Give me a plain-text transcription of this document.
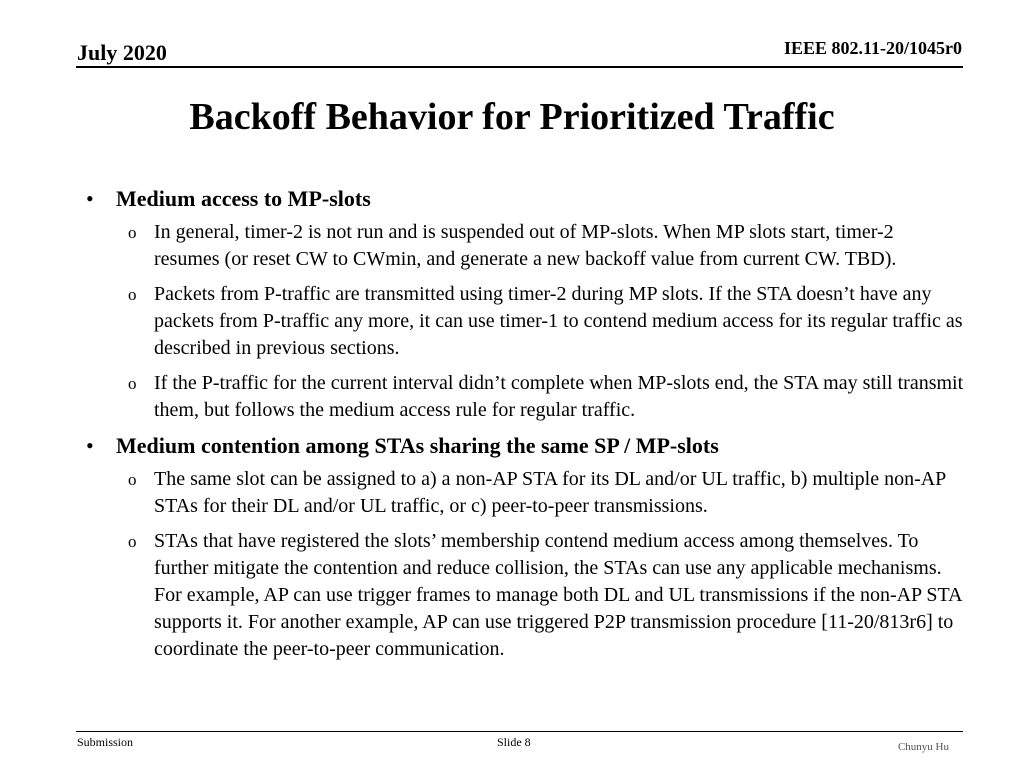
July 2020	IEEE 802.11-20/1045r0
Backoff Behavior for Prioritized Traffic
• Medium access to MP-slots
o In general, timer-2 is not run and is suspended out of MP-slots. When MP slots start, timer-2 resumes (or reset CW to CWmin, and generate a new backoff value from current CW. TBD).
o Packets from P-traffic are transmitted using timer-2 during MP slots. If the STA doesn’t have any packets from P-traffic any more, it can use timer-1 to contend medium access for its regular traffic as described in previous sections.
o If the P-traffic for the current interval didn’t complete when MP-slots end, the STA may still transmit them, but follows the medium access rule for regular traffic.
• Medium contention among STAs sharing the same SP / MP-slots
o The same slot can be assigned to a) a non-AP STA for its DL and/or UL traffic, b) multiple non-AP STAs for their DL and/or UL traffic, or c) peer-to-peer transmissions.
o STAs that have registered the slots’ membership contend medium access among themselves. To further mitigate the contention and reduce collision, the STAs can use any applicable mechanisms. For example, AP can use trigger frames to manage both DL and UL transmissions if the non-AP STA supports it. For another example, AP can use triggered P2P transmission procedure [11-20/813r6] to coordinate the peer-to-peer communication.
Submission	Slide 8	Chunyu Hu
